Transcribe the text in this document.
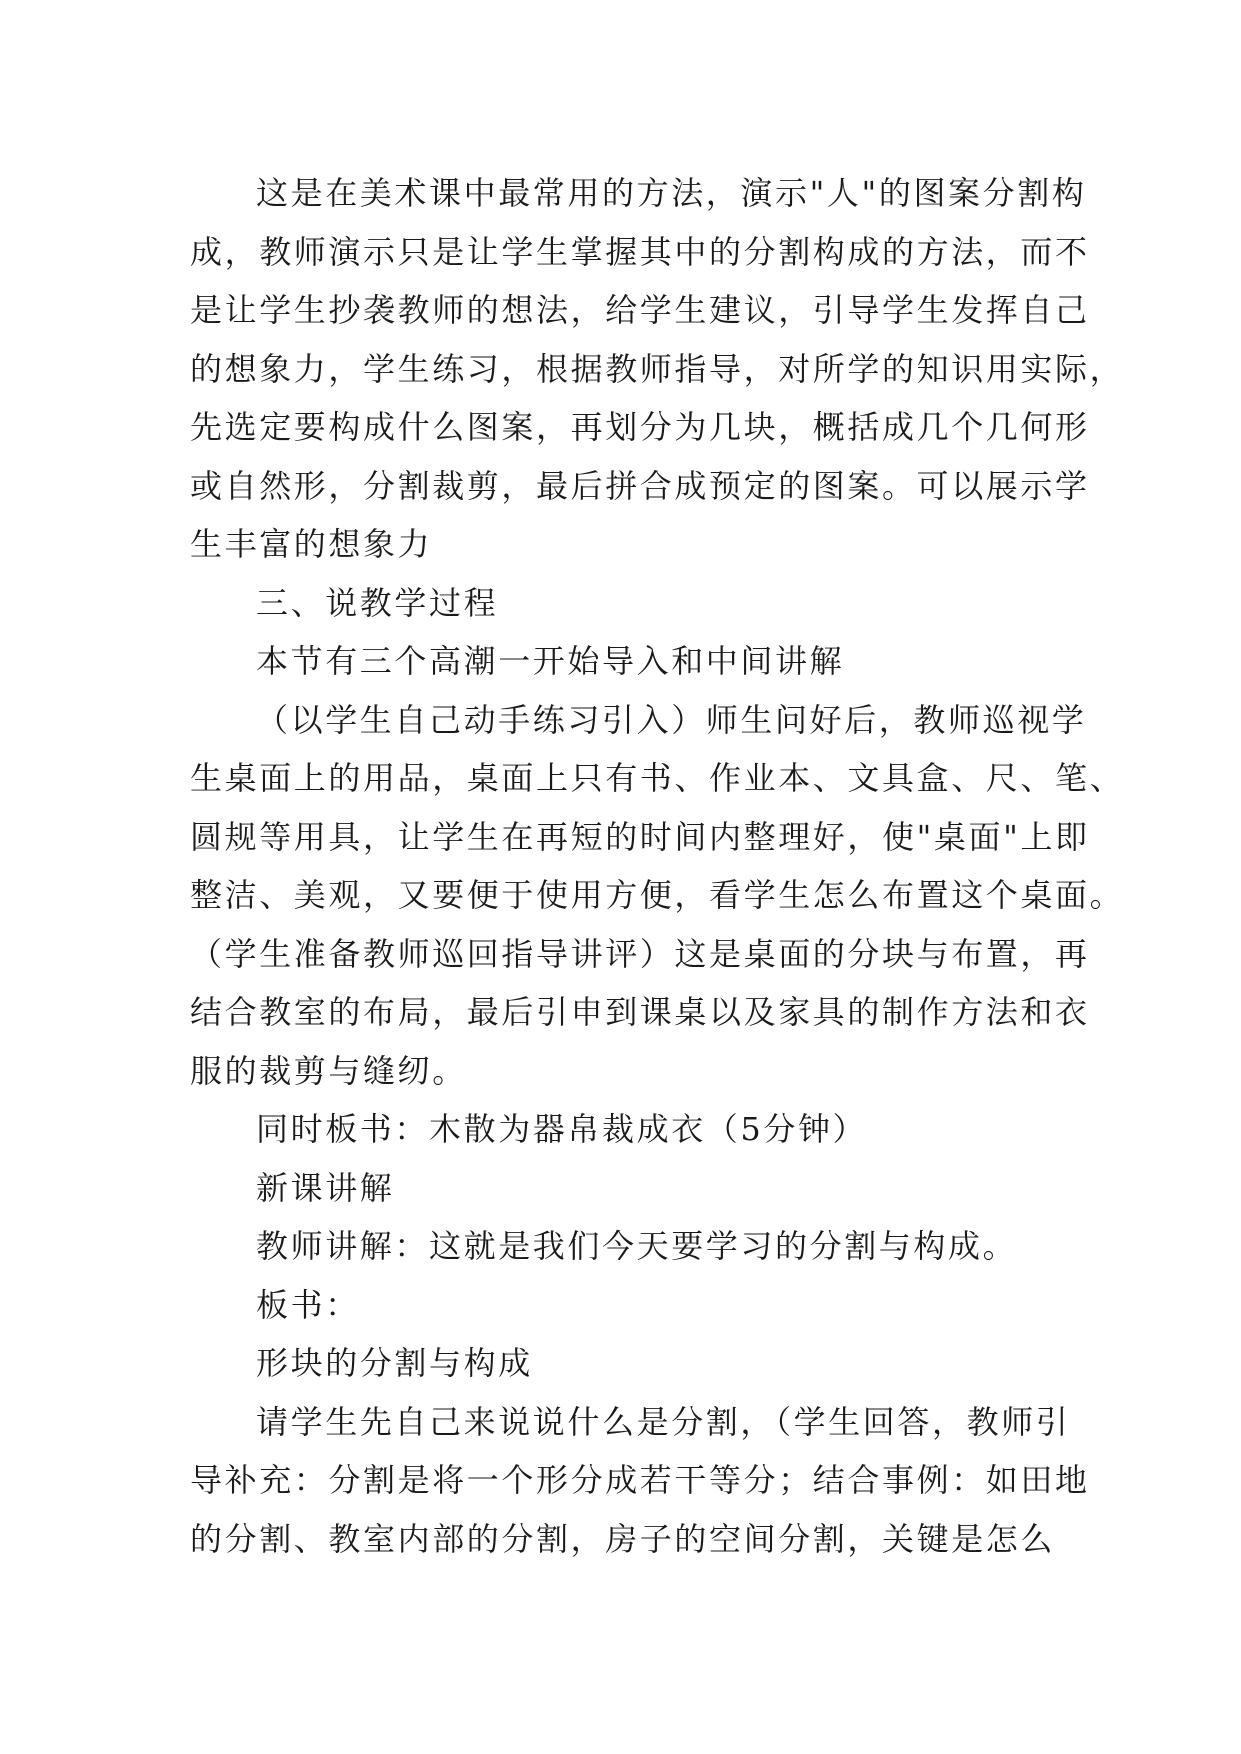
这是在美术课中最常用的方法，演示"人"的图案分割构
成，教师演示只是让学生掌握其中的分割构成的方法，而不
是让学生抄袭教师的想法，给学生建议，引导学生发挥自己
的想象力，学生练习，根据教师指导，对所学的知识用实际，
先选定要构成什么图案，再划分为几块，概括成几个几何形
或自然形，分割裁剪，最后拼合成预定的图案。可以展示学
生丰富的想象力
三、说教学过程
本节有三个高潮一开始导入和中间讲解
（以学生自己动手练习引入）师生问好后，教师巡视学
生桌面上的用品，桌面上只有书、作业本、文具盒、尺、笔、
圆规等用具，让学生在再短的时间内整理好，使"桌面"上即
整洁、美观，又要便于使用方便，看学生怎么布置这个桌面。
（学生准备教师巡回指导讲评）这是桌面的分块与布置，再
结合教室的布局，最后引申到课桌以及家具的制作方法和衣
服的裁剪与缝纫。
同时板书：木散为器帛裁成衣（5分钟）
新课讲解
教师讲解：这就是我们今天要学习的分割与构成。
板书：
形块的分割与构成
请学生先自己来说说什么是分割，（学生回答，教师引
导补充：分割是将一个形分成若干等分；结合事例：如田地
的分割、教室内部的分割，房子的空间分割，关键是怎么
